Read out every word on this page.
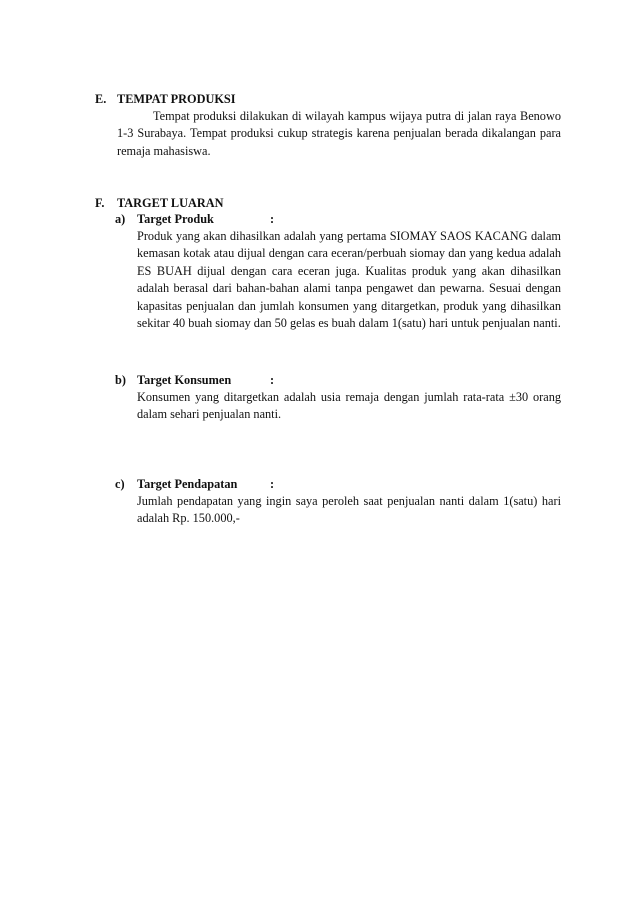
E. TEMPAT PRODUKSI
Tempat produksi dilakukan di wilayah kampus wijaya putra di jalan raya Benowo 1-3 Surabaya. Tempat produksi cukup strategis karena penjualan berada dikalangan para remaja mahasiswa.
F. TARGET LUARAN
a) Target Produk	:
Produk yang akan dihasilkan adalah yang pertama SIOMAY SAOS KACANG dalam kemasan kotak atau dijual dengan cara eceran/perbuah siomay dan yang kedua adalah ES BUAH dijual dengan cara eceran juga. Kualitas produk yang akan dihasilkan adalah berasal dari bahan-bahan alami tanpa pengawet dan pewarna. Sesuai dengan kapasitas penjualan dan jumlah konsumen yang ditargetkan, produk yang dihasilkan sekitar 40 buah siomay dan 50 gelas es buah dalam 1(satu) hari untuk penjualan nanti.
b) Target Konsumen	:
Konsumen yang ditargetkan adalah usia remaja dengan jumlah rata-rata ±30 orang dalam sehari penjualan nanti.
c) Target Pendapatan	:
Jumlah pendapatan yang ingin saya peroleh saat penjualan nanti dalam 1(satu) hari adalah Rp. 150.000,-
